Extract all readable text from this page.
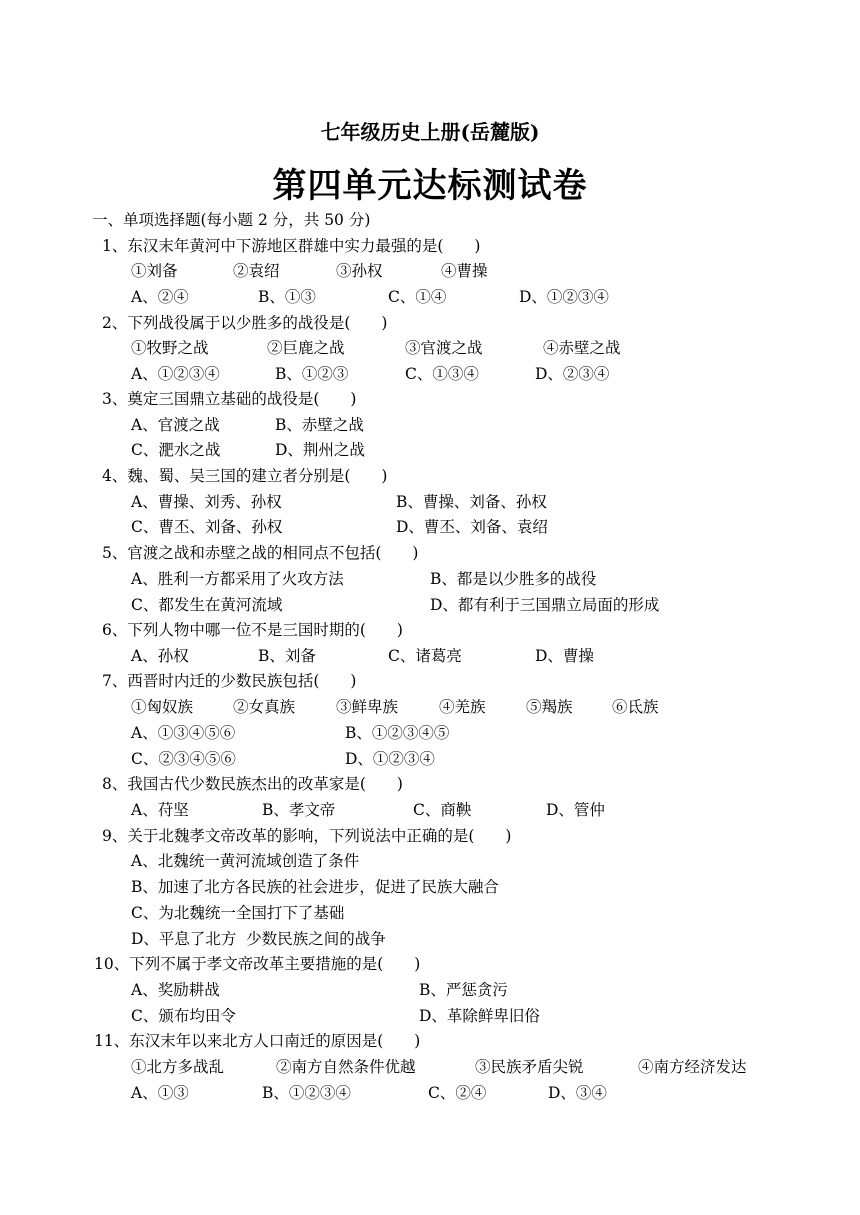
七年级历史上册(岳麓版)
第四单元达标测试卷
一、单项选择题(每小题 2 分，共 50 分)
1、东汉末年黄河中下游地区群雄中实力最强的是(　　)
①刘备	②袁绍	③孙权	④曹操
A、②④	B、①③	C、①④	D、①②③④
2、下列战役属于以少胜多的战役是(　　)
①牧野之战	②巨鹿之战	③官渡之战	④赤壁之战
A、①②③④	B、①②③	C、①③④	D、②③④
3、奠定三国鼎立基础的战役是(　　)
A、官渡之战	B、赤壁之战
C、淝水之战	D、荆州之战
4、魏、蜀、吴三国的建立者分别是(　　)
A、曹操、刘秀、孙权	B、曹操、刘备、孙权
C、曹丕、刘备、孙权	D、曹丕、刘备、袁绍
5、官渡之战和赤壁之战的相同点不包括(　　)
A、胜利一方都采用了火攻方法	B、都是以少胜多的战役
C、都发生在黄河流域	D、都有利于三国鼎立局面的形成
6、下列人物中哪一位不是三国时期的(　　)
A、孙权	B、刘备	C、诸葛亮	D、曹操
7、西晋时内迁的少数民族包括(　　)
①匈奴族	②女真族	③鲜卑族	④羌族	⑤羯族	⑥氐族
A、①③④⑤⑥	B、①②③④⑤
C、②③④⑤⑥	D、①②③④
8、我国古代少数民族杰出的改革家是(　　)
A、苻坚	B、孝文帝	C、商鞅	D、管仲
9、关于北魏孝文帝改革的影响，下列说法中正确的是(　　)
A、北魏统一黄河流域创造了条件
B、加速了北方各民族的社会进步，促进了民族大融合
C、为北魏统一全国打下了基础
D、平息了北方  少数民族之间的战争
10、下列不属于孝文帝改革主要措施的是(　　)
A、奖励耕战	B、严惩贪污
C、颁布均田令	D、革除鲜卑旧俗
11、东汉末年以来北方人口南迁的原因是(　　)
①北方多战乱	②南方自然条件优越	③民族矛盾尖锐	④南方经济发达
A、①③	B、①②③④	C、②④	D、③④
